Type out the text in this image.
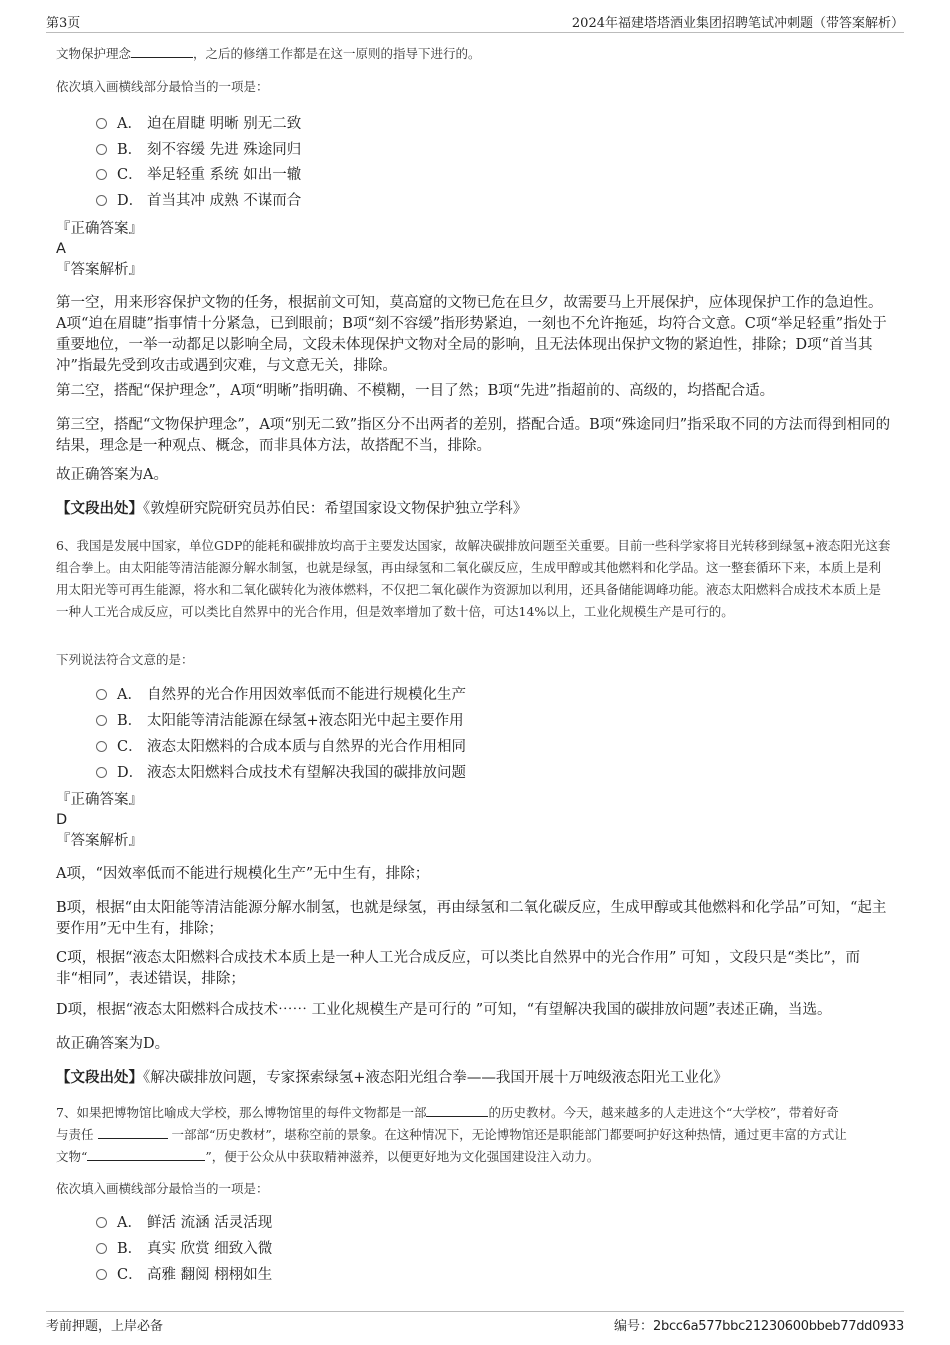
第3页	2024年福建塔塔酒业集团招聘笔试冲刺题（带答案解析）
文物保护理念	，之后的修缮工作都是在这一原则的指导下进行的。
依次填入画横线部分最恰当的一项是：
A． 迫在眉睫 明晰 别无二致
B． 刻不容缓 先进 殊途同归
C． 举足轻重 系统 如出一辙
D． 首当其冲 成熟 不谋而合
『正确答案』
A
『答案解析』

第一空，用来形容保护文物的任务，根据前文可知，莫高窟的文物已危在旦夕，故需要马上开展保护，应体现保护工作的急迫性。A项“迫在眉睫”指事情十分紧急，已到眼前；B项“刻不容缓”指形势紧迫，一刻也不允许拖延，均符合文意。C项“举足轻重”指处于重要地位，一举一动都足以影响全局，文段未体现保护文物对全局的影响，且无法体现出保护文物的紧迫性，排除；D项“首当其冲”指最先受到攻击或遇到灾难，与文意无关，排除。

第二空，搭配“保护理念”，A项“明晰”指明确、不模糊，一目了然；B项“先进”指超前的、高级的，均搭配合适。

第三空，搭配“文物保护理念”，A项“别无二致”指区分不出两者的差别，搭配合适。B项“殊途同归”指采取不同的方法而得到相同的结果，理念是一种观点、概念，而非具体方法，故搭配不当，排除。

故正确答案为A。

【文段出处】《敦煌研究院研究员苏伯民：希望国家设文物保护独立学科》

6、我国是发展中国家，单位GDP的能耗和碳排放均高于主要发达国家，故解决碳排放问题至关重要。目前一些科学家将目光转移到绿氢+液态阳光这套组合拳上。由太阳能等清洁能源分解水制氢，也就是绿氢，再由绿氢和二氧化碳反应，生成甲醇或其他燃料和化学品。这一整套循环下来，本质上是利用太阳光等可再生能源，将水和二氧化碳转化为液体燃料，不仅把二氧化碳作为资源加以利用，还具备储能调峰功能。液态太阳燃料合成技术本质上是一种人工光合成反应，可以类比自然界中的光合作用，但是效率增加了数十倍，可达14%以上，工业化规模生产是可行的。

下列说法符合文意的是：
A． 自然界的光合作用因效率低而不能进行规模化生产
B． 太阳能等清洁能源在绿氢+液态阳光中起主要作用
C． 液态太阳燃料的合成本质与自然界的光合作用相同
D． 液态太阳燃料合成技术有望解决我国的碳排放问题
『正确答案』
D
『答案解析』

A项，“因效率低而不能进行规模化生产”无中生有，排除；

B项，根据“由太阳能等清洁能源分解水制氢，也就是绿氢，再由绿氢和二氧化碳反应，生成甲醇或其他燃料和化学品”可知，“起主要作用”无中生有，排除；

C项，根据“液态太阳燃料合成技术本质上是一种人工光合成反应，可以类比自然界中的光合作用” 可知 ，文段只是“类比”，而非“相同”，表述错误，排除；

D项，根据“液态太阳燃料合成技术⋯⋯ 工业化规模生产是可行的 ”可知，“有望解决我国的碳排放问题”表述正确，当选。

故正确答案为D。

【文段出处】《解决碳排放问题，专家探索绿氢+液态阳光组合拳——我国开展十万吨级液态阳光工业化》
7、如果把博物馆比喻成大学校，那么博物馆里的每件文物都是一部	的历史教材。今天，越来越多的人走进这个“大学校”，带着好奇
与责任	一部部“历史教材”，堪称空前的景象。在这种情况下，无论博物馆还是职能部门都要呵护好这种热情，通过更丰富的方式让
文物“	”，便于公众从中获取精神滋养，以便更好地为文化强国建设注入动力。
依次填入画横线部分最恰当的一项是：
A． 鲜活 流涵 活灵活现
B． 真实 欣赏 细致入微
C． 高雅 翻阅 栩栩如生
考前押题，上岸必备	编号：2bcc6a577bbc21230600bbeb77dd0933
